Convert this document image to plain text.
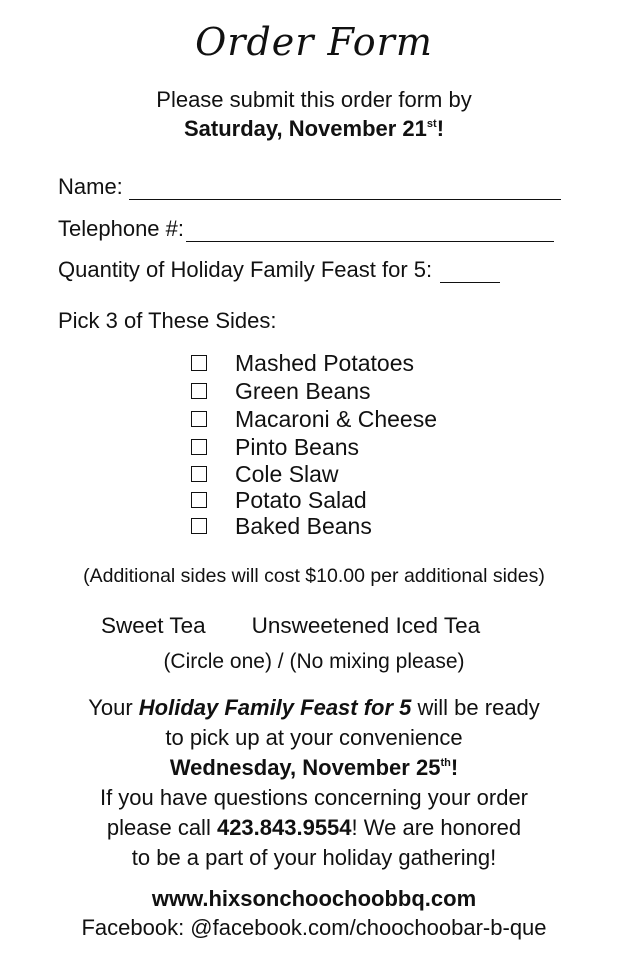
Order Form
Please submit this order form by
Saturday, November 21st!
Name:
Telephone #:
Quantity of Holiday Family Feast for 5:
Pick 3 of These Sides:
Mashed Potatoes
Green Beans
Macaroni & Cheese
Pinto Beans
Cole Slaw
Potato Salad
Baked Beans
(Additional sides will cost $10.00 per additional sides)
Sweet Tea Unsweetened Iced Tea
(Circle one) / (No mixing please)
Your Holiday Family Feast for 5 will be ready
to pick up at your convenience
Wednesday, November 25th!
If you have questions concerning your order
please call 423.843.9554! We are honored
to be a part of your holiday gathering!
www.hixsonchoochoobbq.com
Facebook: @facebook.com/choochoobar-b-que
